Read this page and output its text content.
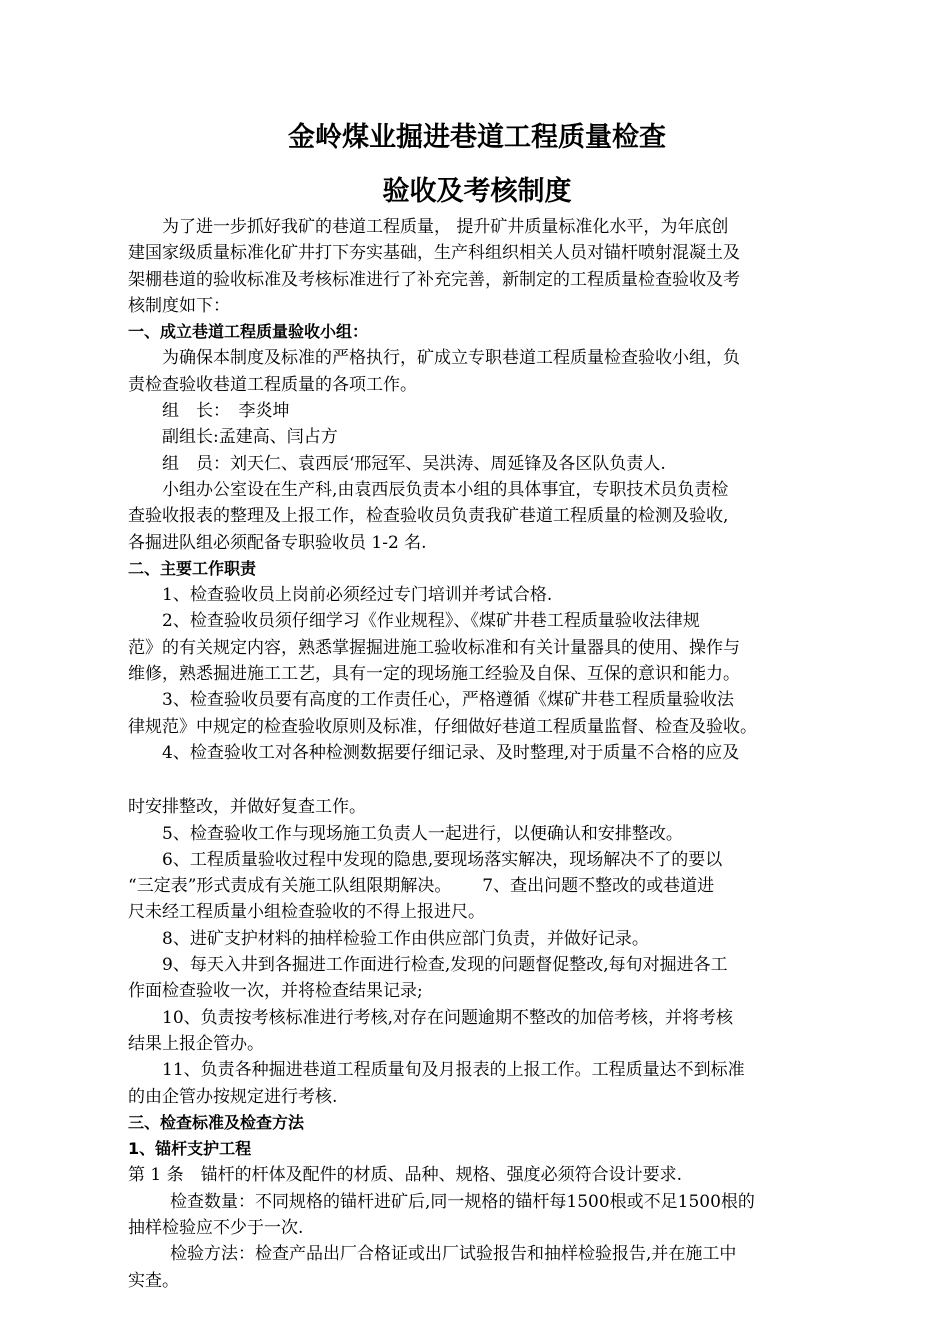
金岭煤业掘进巷道工程质量检查

验收及考核制度

为了进一步抓好我矿的巷道工程质量， 提升矿井质量标准化水平，为年底创

建国家级质量标准化矿井打下夯实基础，生产科组织相关人员对锚杆喷射混凝土及

架棚巷道的验收标准及考核标准进行了补充完善，新制定的工程质量检查验收及考

核制度如下：

一、成立巷道工程质量验收小组：

为确保本制度及标准的严格执行，矿成立专职巷道工程质量检查验收小组，负

责检查验收巷道工程质量的各项工作。

组　长：　李炎坤

副组长:孟建高、闫占方

组　员：刘天仁、袁西辰‘邢冠军、吴洪涛、周延锋及各区队负责人.

小组办公室设在生产科,由袁西辰负责本小组的具体事宜，专职技术员负责检

查验收报表的整理及上报工作，检查验收员负责我矿巷道工程质量的检测及验收,

各掘进队组必须配备专职验收员 1-2 名.

二、主要工作职责

1、检查验收员上岗前必须经过专门培训并考试合格.

2、检查验收员须仔细学习《作业规程》、《煤矿井巷工程质量验收法律规

范》的有关规定内容，熟悉掌握掘进施工验收标准和有关计量器具的使用、操作与

维修，熟悉掘进施工工艺，具有一定的现场施工经验及自保、互保的意识和能力。

3、检查验收员要有高度的工作责任心，严格遵循《煤矿井巷工程质量验收法

律规范》中规定的检查验收原则及标准，仔细做好巷道工程质量监督、检查及验收。

4、检查验收工对各种检测数据要仔细记录、及时整理,对于质量不合格的应及

时安排整改，并做好复查工作。

5、检查验收工作与现场施工负责人一起进行，以便确认和安排整改。

6、工程质量验收过程中发现的隐患,要现场落实解决，现场解决不了的要以

“三定表”形式责成有关施工队组限期解决。　　 7、查出问题不整改的或巷道进

尺未经工程质量小组检查验收的不得上报进尺。

8、进矿支护材料的抽样检验工作由供应部门负责，并做好记录。

9、每天入井到各掘进工作面进行检查,发现的问题督促整改,每旬对掘进各工

作面检查验收一次，并将检查结果记录;

10、负责按考核标准进行考核,对存在问题逾期不整改的加倍考核，并将考核

结果上报企管办。

11、负责各种掘进巷道工程质量旬及月报表的上报工作。工程质量达不到标准

的由企管办按规定进行考核.

三、检查标准及检查方法

1、锚杆支护工程

第 1 条　锚杆的杆体及配件的材质、品种、规格、强度必须符合设计要求.

检查数量：不同规格的锚杆进矿后,同一规格的锚杆每1500根或不足1500根的

抽样检验应不少于一次.

检验方法：检查产品出厂合格证或出厂试验报告和抽样检验报告,并在施工中

实查。
